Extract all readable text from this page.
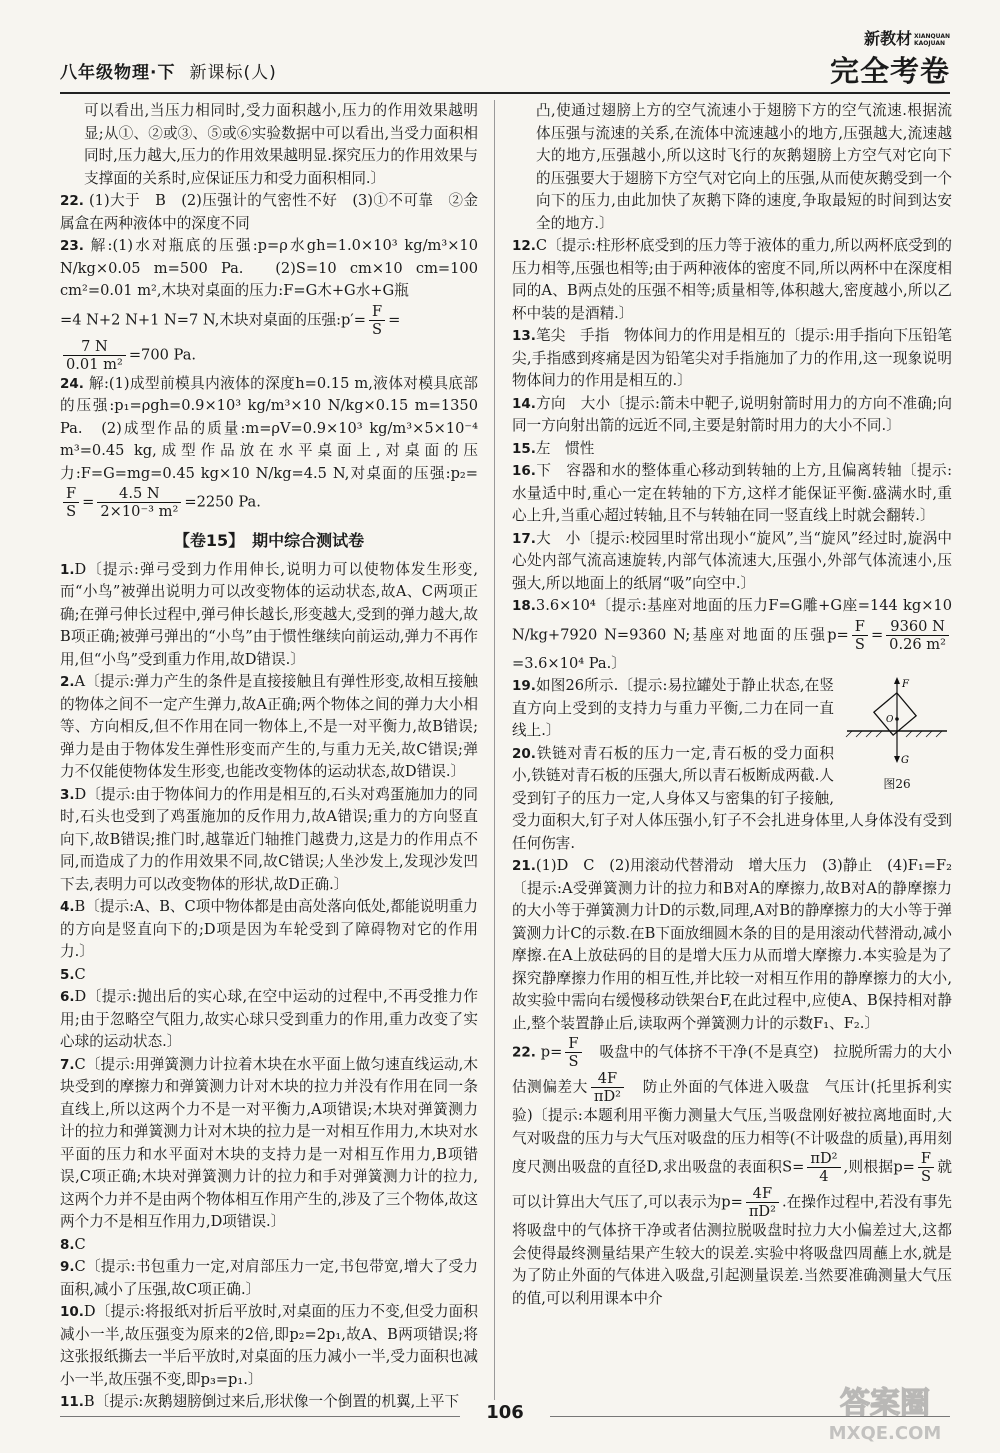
八年级物理·下 新课标(人)
新教材 XIANQUAN
KAOJUAN
完全考卷

可以看出,当压力相同时,受力面积越小,压力的作用效果越明显;从①、②或③、⑤或⑥实验数据中可以看出,当受力面积相同时,压力越大,压力的作用效果越明显.探究压力的作用效果与支撑面的关系时,应保证压力和受力面积相同.〕

22. (1)大于　B　(2)压强计的气密性不好　(3)①不可靠　②金属盒在两种液体中的深度不同

23. 解:(1)水对瓶底的压强:p=ρ水gh=1.0×10³ kg/m³×10 N/kg×0.05 m=500 Pa.　(2)S=10 cm×10 cm=100 cm²=0.01 m²,木块对桌面的压力:F=G木+G水+G瓶
=4 N+2 N+1 N=7 N,木块对桌面的压强:p′= $\frac{F}{S}$ =

$\frac{7 N}{\text{0.01 m²}} =700$ Pa.

24. 解:(1)成型前模具内液体的深度h=0.15 m,液体对模具底部的压强:p₁=ρgh=0.9×10³ kg/m³×10 N/kg×0.15 m=1350 Pa.　(2)成型作品的质量:m=ρV=0.9×10³ kg/m³×5×10⁻⁴ m³=0.45 kg,成型作品放在水平桌面上,对桌面的压力:F=G=mg=0.45 kg×10 N/kg=4.5 N,对桌面的压强:p₂=
$\frac{F}{S} = \frac{4.5 N}{\text{2×10⁻³ m²}} =2250$ Pa.

【卷15】　期中综合测试卷

1.D〔提示:弹弓受到力作用伸长,说明力可以使物体发生形变,而“小鸟”被弹出说明力可以改变物体的运动状态,故A、C两项正确;在弹弓伸长过程中,弹弓伸长越长,形变越大,受到的弹力越大,故B项正确;被弹弓弹出的“小鸟”由于惯性继续向前运动,弹力不再作用,但“小鸟”受到重力作用,故D错误.〕

2.A〔提示:弹力产生的条件是直接接触且有弹性形变,故相互接触的物体之间不一定产生弹力,故A正确;两个物体之间的弹力大小相等、方向相反,但不作用在同一物体上,不是一对平衡力,故B错误;弹力是由于物体发生弹性形变而产生的,与重力无关,故C错误;弹力不仅能使物体发生形变,也能改变物体的运动状态,故D错误.〕

3.D〔提示:由于物体间力的作用是相互的,石头对鸡蛋施加力的同时,石头也受到了鸡蛋施加的反作用力,故A错误;重力的方向竖直向下,故B错误;推门时,越靠近门轴推门越费力,这是力的作用点不同,而造成了力的作用效果不同,故C错误;人坐沙发上,发现沙发凹下去,表明力可以改变物体的形状,故D正确.〕

4.B〔提示:A、B、C项中物体都是由高处落向低处,都能说明重力的方向是竖直向下的;D项是因为车轮受到了障碍物对它的作用力.〕

5.C

6.D〔提示:抛出后的实心球,在空中运动的过程中,不再受推力作用;由于忽略空气阻力,故实心球只受到重力的作用,重力改变了实心球的运动状态.〕

7.C〔提示:用弹簧测力计拉着木块在水平面上做匀速直线运动,木块受到的摩擦力和弹簧测力计对木块的拉力并没有作用在同一条直线上,所以这两个力不是一对平衡力,A项错误;木块对弹簧测力计的拉力和弹簧测力计对木块的拉力是一对相互作用力,木块对水平面的压力和水平面对木块的支持力是一对相互作用力,B项错误,C项正确;木块对弹簧测力计的拉力和手对弹簧测力计的拉力,这两个力并不是由两个物体相互作用产生的,涉及了三个物体,故这两个力不是相互作用力,D项错误.〕

8.C

9.C〔提示:书包重力一定,对肩部压力一定,书包带宽,增大了受力面积,减小了压强,故C项正确.〕

10.D〔提示:将报纸对折后平放时,对桌面的压力不变,但受力面积减小一半,故压强变为原来的2倍,即p₂=2p₁,故A、B两项错误;将这张报纸撕去一半后平放时,对桌面的压力减小一半,受力面积也减小一半,故压强不变,即p₃=p₁.〕

11.B〔提示:灰鹅翅膀倒过来后,形状像一个倒置的机翼,上平下

凸,使通过翅膀上方的空气流速小于翅膀下方的空气流速.根据流体压强与流速的关系,在流体中流速越小的地方,压强越大,流速越大的地方,压强越小,所以这时飞行的灰鹅翅膀上方空气对它向下的压强要大于翅膀下方空气对它向上的压强,从而使灰鹅受到一个向下的压力,由此加快了灰鹅下降的速度,争取最短的时间到达安全的地方.〕

12.C〔提示:柱形杯底受到的压力等于液体的重力,所以两杯底受到的压力相等,压强也相等;由于两种液体的密度不同,所以两杯中在深度相同的A、B两点处的压强不相等;质量相等,体积越大,密度越小,所以乙杯中装的是酒精.〕

13.笔尖　手指　物体间力的作用是相互的〔提示:用手指向下压铅笔尖,手指感到疼痛是因为铅笔尖对手指施加了力的作用,这一现象说明物体间力的作用是相互的.〕

14.方向　大小〔提示:箭未中靶子,说明射箭时用力的方向不准确;向同一方向射出箭的远近不同,主要是射箭时用力的大小不同.〕

15.左　惯性

16.下　容器和水的整体重心移动到转轴的上方,且偏离转轴〔提示:水量适中时,重心一定在转轴的下方,这样才能保证平衡.盛满水时,重心上升,当重心超过转轴,且不与转轴在同一竖直线上时就会翻转.〕

17.大　小〔提示:校园里时常出现小“旋风”,当“旋风”经过时,旋涡中心处内部气流高速旋转,内部气体流速大,压强小,外部气体流速小,压强大,所以地面上的纸屑“吸”向空中.〕

18.3.6×10⁴〔提示:基座对地面的压力F=G雕+G座=144 kg×10 N/kg+7920 N=9360 N;基座对地面的压强$p= \frac{F}{S} = \frac{9360 N}{\text{0.26 m²}}$
=3.6×10⁴ Pa.〕

F
O
G
图26

19.如图26所示.〔提示:易拉罐处于静止状态,在竖直方向上受到的支持力与重力平衡,二力在同一直线上.〕

20.铁链对青石板的压力一定,青石板的受力面积小,铁链对青石板的压强大,所以青石板断成两截.人受到钉子的压力一定,人身体又与密集的钉子接触,受力面积大,钉子对人体压强小,钉子不会扎进身体里,人身体没有受到任何伤害.

21.(1)D　C　(2)用滚动代替滑动　增大压力　(3)静止　(4)F₁=F₂〔提示:A受弹簧测力计的拉力和B对A的摩擦力,故B对A的静摩擦力的大小等于弹簧测力计D的示数,同理,A对B的静摩擦力的大小等于弹簧测力计C的示数.在B下面放细圆木条的目的是用滚动代替滑动,减小摩擦.在A上放砝码的目的是增大压力从而增大摩擦力.本实验是为了探究静摩擦力作用的相互性,并比较一对相互作用的静摩擦力的大小,故实验中需向右缓慢移动铁架台F,在此过程中,应使A、B保持相对静止,整个装置静止后,读取两个弹簧测力计的示数F₁、F₂.〕

22. $p= \frac{F}{S}$ 　吸盘中的气体挤不干净(不是真空)　拉脱所需力的大小估测偏差大 $\frac{4F}{\text{πD²}}$ 　防止外面的气体进入吸盘　气压计(托里拆利实验)〔提示:本题利用平衡力测量大气压,当吸盘刚好被拉离地面时,大气对吸盘的压力与大气压对吸盘的压力相等(不计吸盘的质量),再用刻度尺测出吸盘的直径D,求出吸盘的表面积$S= \frac{\text{πD²}}{4}$ ,则根据$p= \frac{F}{S}$ 就可以计算出大气压了,可以表示为$p= \frac{4F}{\text{πD²}}$ .在操作过程中,若没有事先将吸盘中的气体挤干净或者估测拉脱吸盘时拉力大小偏差过大,这都会使得最终测量结果产生较大的误差.实验中将吸盘四周蘸上水,就是为了防止外面的气体进入吸盘,引起测量误差.当然要准确测量大气压的值,可以利用课本中介

106	答案圈
MXQE.COM
